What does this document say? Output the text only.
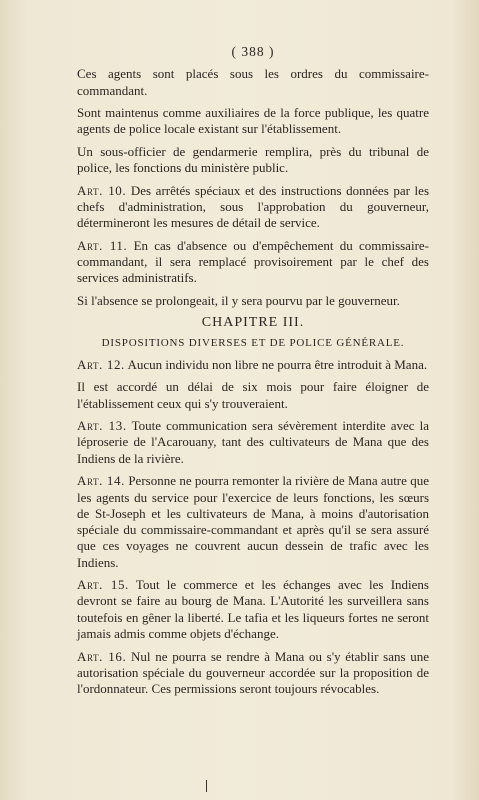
( 388 )

Ces agents sont placés sous les ordres du commissaire-commandant.

Sont maintenus comme auxiliaires de la force publique, les quatre agents de police locale existant sur l'établissement.

Un sous-officier de gendarmerie remplira, près du tribunal de police, les fonctions du ministère public.

Art. 10. Des arrêtés spéciaux et des instructions données par les chefs d'administration, sous l'approbation du gouverneur, détermineront les mesures de détail de service.

Art. 11. En cas d'absence ou d'empêchement du commissaire-commandant, il sera remplacé provisoirement par le chef des services administratifs.

Si l'absence se prolongeait, il y sera pourvu par le gouverneur.

CHAPITRE III.
DISPOSITIONS DIVERSES ET DE POLICE GÉNÉRALE.

Art. 12. Aucun individu non libre ne pourra être introduit à Mana.

Il est accordé un délai de six mois pour faire éloigner de l'établissement ceux qui s'y trouveraient.

Art. 13. Toute communication sera sévèrement interdite avec la léproserie de l'Acarouany, tant des cultivateurs de Mana que des Indiens de la rivière.

Art. 14. Personne ne pourra remonter la rivière de Mana autre que les agents du service pour l'exercice de leurs fonctions, les sœurs de St-Joseph et les cultivateurs de Mana, à moins d'autorisation spéciale du commissaire-commandant et après qu'il se sera assuré que ces voyages ne couvrent aucun dessein de trafic avec les Indiens.

Art. 15. Tout le commerce et les échanges avec les Indiens devront se faire au bourg de Mana. L'Autorité les surveillera sans toutefois en gêner la liberté. Le tafia et les liqueurs fortes ne seront jamais admis comme objets d'échange.

Art. 16. Nul ne pourra se rendre à Mana ou s'y établir sans une autorisation spéciale du gouverneur accordée sur la proposition de l'ordonnateur. Ces permissions seront toujours révocables.
